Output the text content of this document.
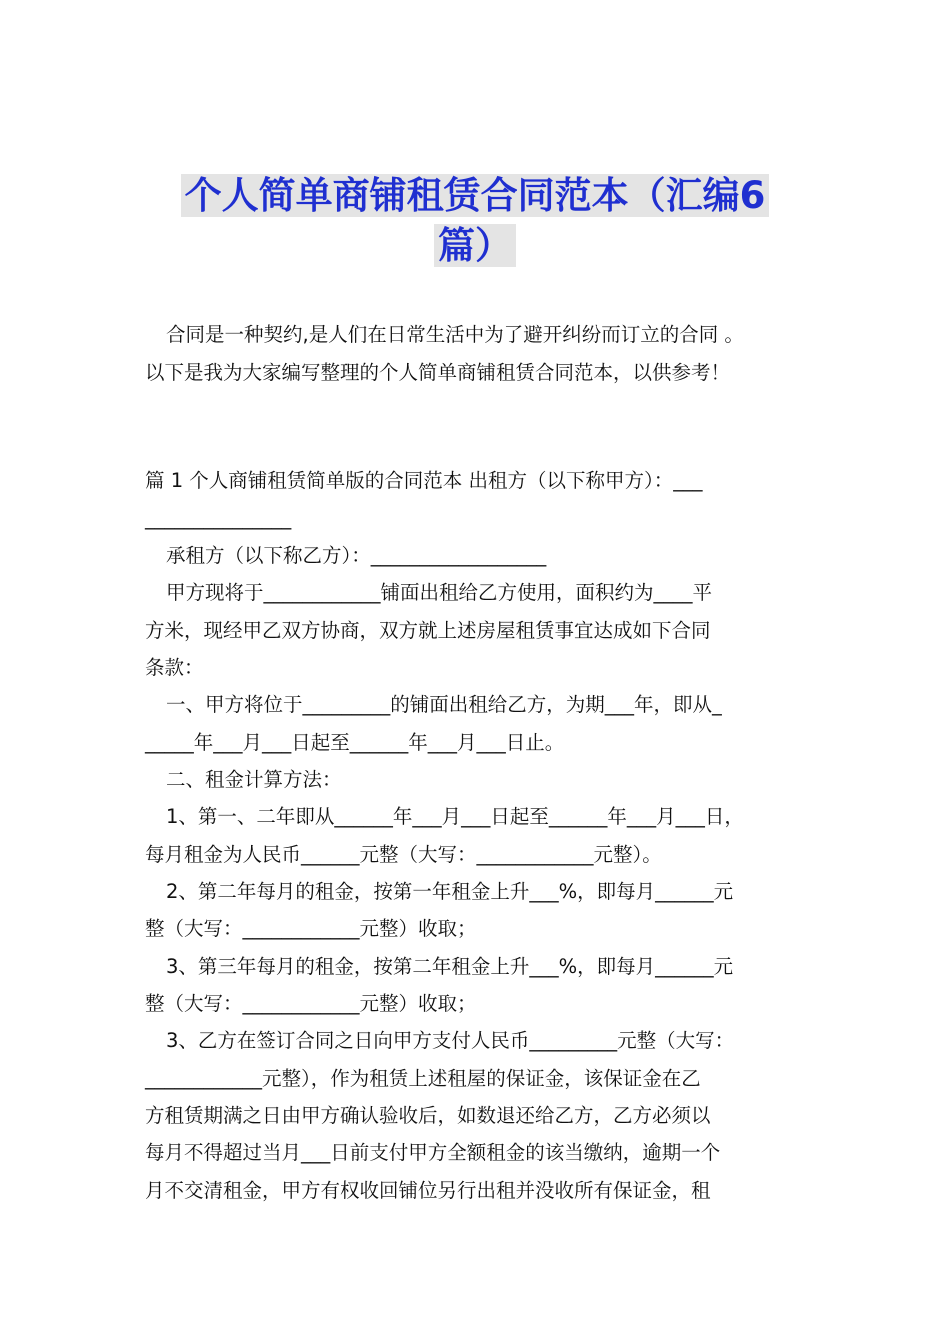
个人简单商铺租赁合同范本（汇编6
篇）
合同是一种契约,是人们在日常生活中为了避开纠纷而订立的合同 。
以下是我为大家编写整理的个人简单商铺租赁合同范本，以供参考！
篇 1 个人商铺租赁简单版的合同范本 出租方（以下称甲方）：___
_______________
承租方（以下称乙方）：__________________
甲方现将于____________铺面出租给乙方使用，面积约为____平
方米，现经甲乙双方协商，双方就上述房屋租赁事宜达成如下合同
条款：
一、甲方将位于_________的铺面出租给乙方，为期___年，即从_
_____年___月___日起至______年___月___日止。
二、租金计算方法：
1、第一、二年即从______年___月___日起至______年___月___日，
每月租金为人民币______元整（大写：____________元整）。
2、第二年每月的租金，按第一年租金上升___%，即每月______元
整（大写：____________元整）收取；
3、第三年每月的租金，按第二年租金上升___%，即每月______元
整（大写：____________元整）收取；
3、乙方在签订合同之日向甲方支付人民币_________元整（大写：
____________元整），作为租赁上述租屋的保证金，该保证金在乙
方租赁期满之日由甲方确认验收后，如数退还给乙方，乙方必须以
每月不得超过当月___日前支付甲方全额租金的该当缴纳，逾期一个
月不交清租金，甲方有权收回铺位另行出租并没收所有保证金，租
